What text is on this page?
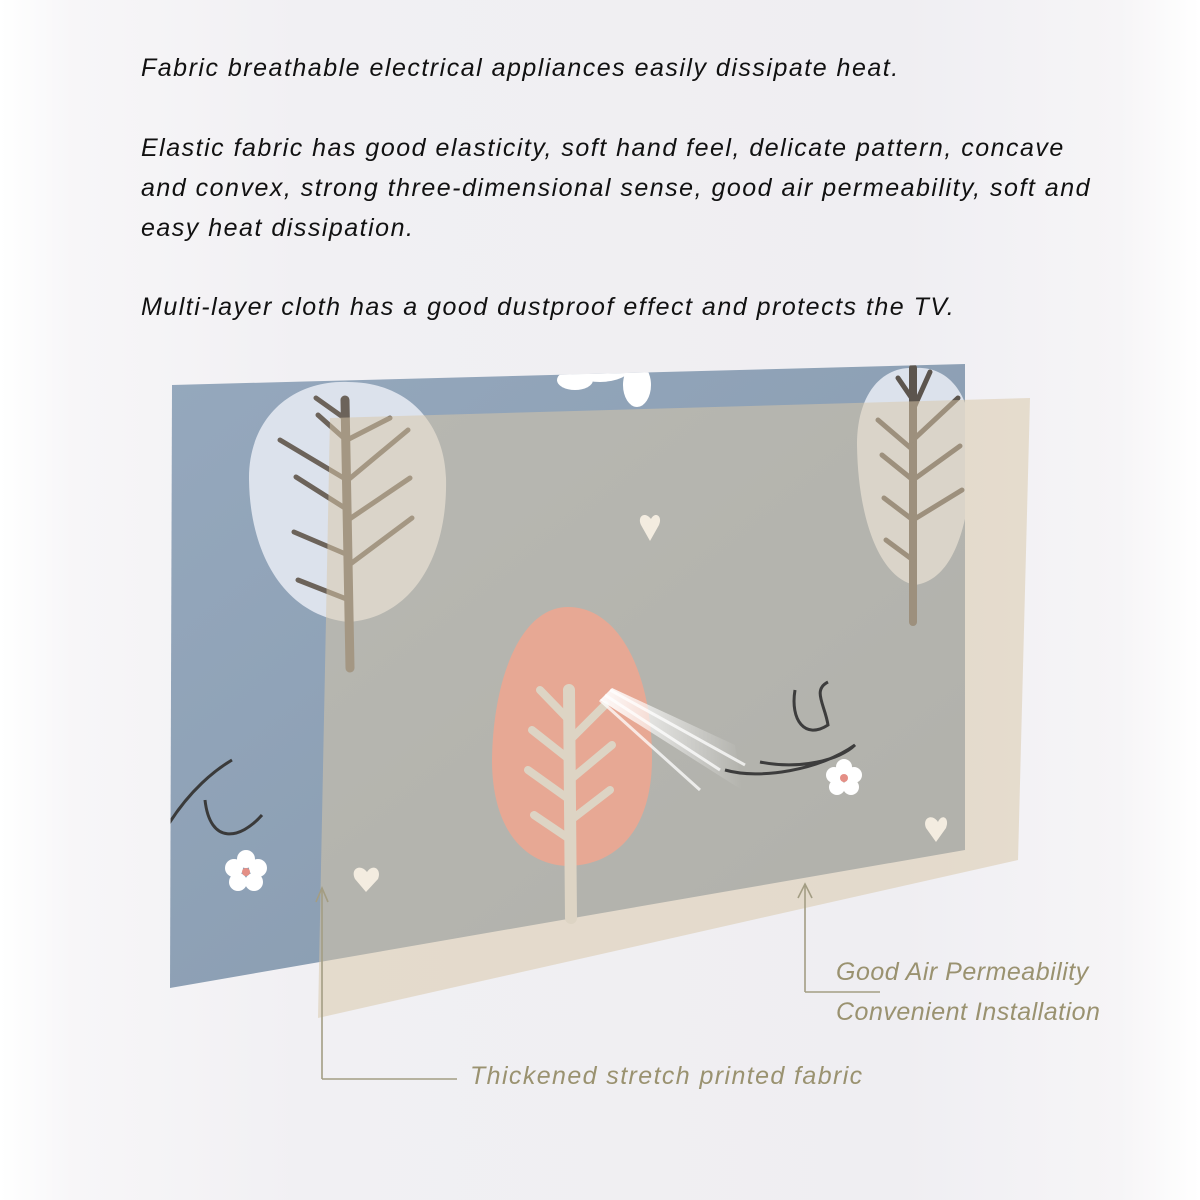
Fabric breathable electrical appliances easily dissipate heat.

Elastic fabric has good elasticity, soft hand feel, delicate pattern, concave and convex, strong three-dimensional sense, good air permeability, soft and easy heat dissipation.

Multi-layer cloth has a good dustproof effect and protects the TV.

Good Air Permeability

Convenient Installation

Thickened stretch printed fabric
